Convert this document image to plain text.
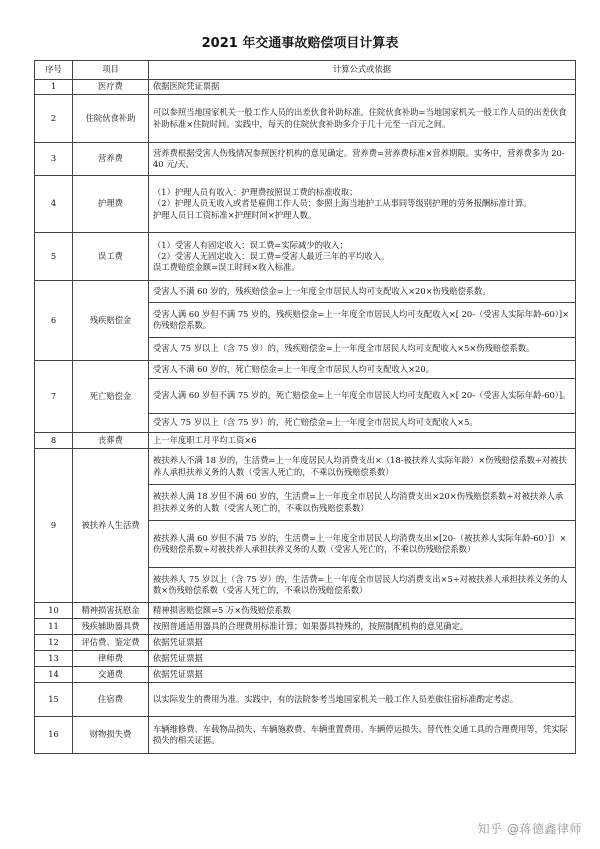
2021 年交通事故赔偿项目计算表
序号	项目	计算公式或依据
1	医疗费	依据医院凭证票据

2	住院伙食补助	可以参照当地国家机关一般工作人员的出差伙食补助标准。住院伙食补助=当地国家机关一般工作人员的出差伙食补助标准×住院时间。实践中，每天的住院伙食补助多介于几十元至一百元之间。

3	营养费	营养费根据受害人伤残情况参照医疗机构的意见确定。营养费=营养费标准×营养期限。实务中，营养费多为 20-40 元/天。

4	护理费	（1）护理人员有收入：护理费按照误工费的标准收取；
（2）护理人员无收入或者是雇佣工作人员：参照上海当地护工从事同等级别护理的劳务报酬标准计算。
护理人员日工资标准×护理时间×护理人数。

5	误工费	（1）受害人有固定收入：误工费=实际减少的收入；
（2）受害人无固定收入：误工费=受害人最近三年的平均收入。
误工费赔偿金额=误工时间×收入标准。

6	残疾赔偿金	受害人不满 60 岁的，残疾赔偿金=上一年度全市居民人均可支配收入×20×伤残赔偿系数。
		受害人满 60 岁但不满 75 岁的，残疾赔偿金=上一年度全市居民人均可支配收入×[ 20-（受害人实际年龄-60）]×伤残赔偿系数。
		受害人 75 岁以上（含 75 岁）的，残疾赔偿金=上一年度全市居民人均可支配收入×5×伤残赔偿系数。
7	死亡赔偿金	受害人不满 60 岁的，死亡赔偿金=上一年度全市居民人均可支配收入×20。
		受害人满 60 岁但不满 75 岁的，死亡赔偿金=上一年度全市居民人均可支配收入×[ 20-（受害人实际年龄-60）]。
		受害人 75 岁以上（含 75 岁）的，死亡赔偿金=上一年度全市居民人均可支配收入×5。
8	丧葬费	上一年度职工月平均工资×6

9	被扶养人生活费	被扶养人不满 18 岁的，生活费=上一年度居民人均消费支出×（18-被扶养人实际年龄）×伤残赔偿系数÷对被扶养人承担扶养义务的人数（受害人死亡的，不乘以伤残赔偿系数）
		被扶养人满 18 岁但不满 60 岁的，生活费=上一年度全市居民人均消费支出×20×伤残赔偿系数÷对被扶养人承担扶养义务的人数（受害人死亡的，不乘以伤残赔偿系数）
		被扶养人满 60 岁但不满 75 岁的，生活费=上一年度全市居民人均消费支出×[20-（被扶养人实际年龄-60）]）×伤残赔偿系数÷对被扶养人承担扶养义务的人数（受害人死亡的，不乘以伤残赔偿系数）
		被扶养人 75 岁以上（含 75 岁）的，生活费=上一年度全市居民人均消费支出×5÷对被扶养人承担扶养义务的人数×伤残赔偿系数（受害人死亡的，不乘以伤残赔偿系数）
10	精神损害抚慰金	精神损害赔偿额=5 万×伤残赔偿系数

11	残疾辅助器具费	按照普通适用器具的合理费用标准计算；如果器具特殊的，按照制配机构的意见确定。

12	评估费、鉴定费	依据凭证票据

13	律师费	依据凭证票据

14	交通费	依据凭证票据

15	住宿费	以实际发生的费用为准。实践中，有的法院参考当地国家机关一般工作人员差旅住宿标准酌定考虑。

16	财物损失费	车辆维修费、车载物品损失、车辆施救费、车辆重置费用、车辆停运损失、替代性交通工具的合理费用等，凭实际损失的相关证据。
知乎 @蒋德鑫律师
